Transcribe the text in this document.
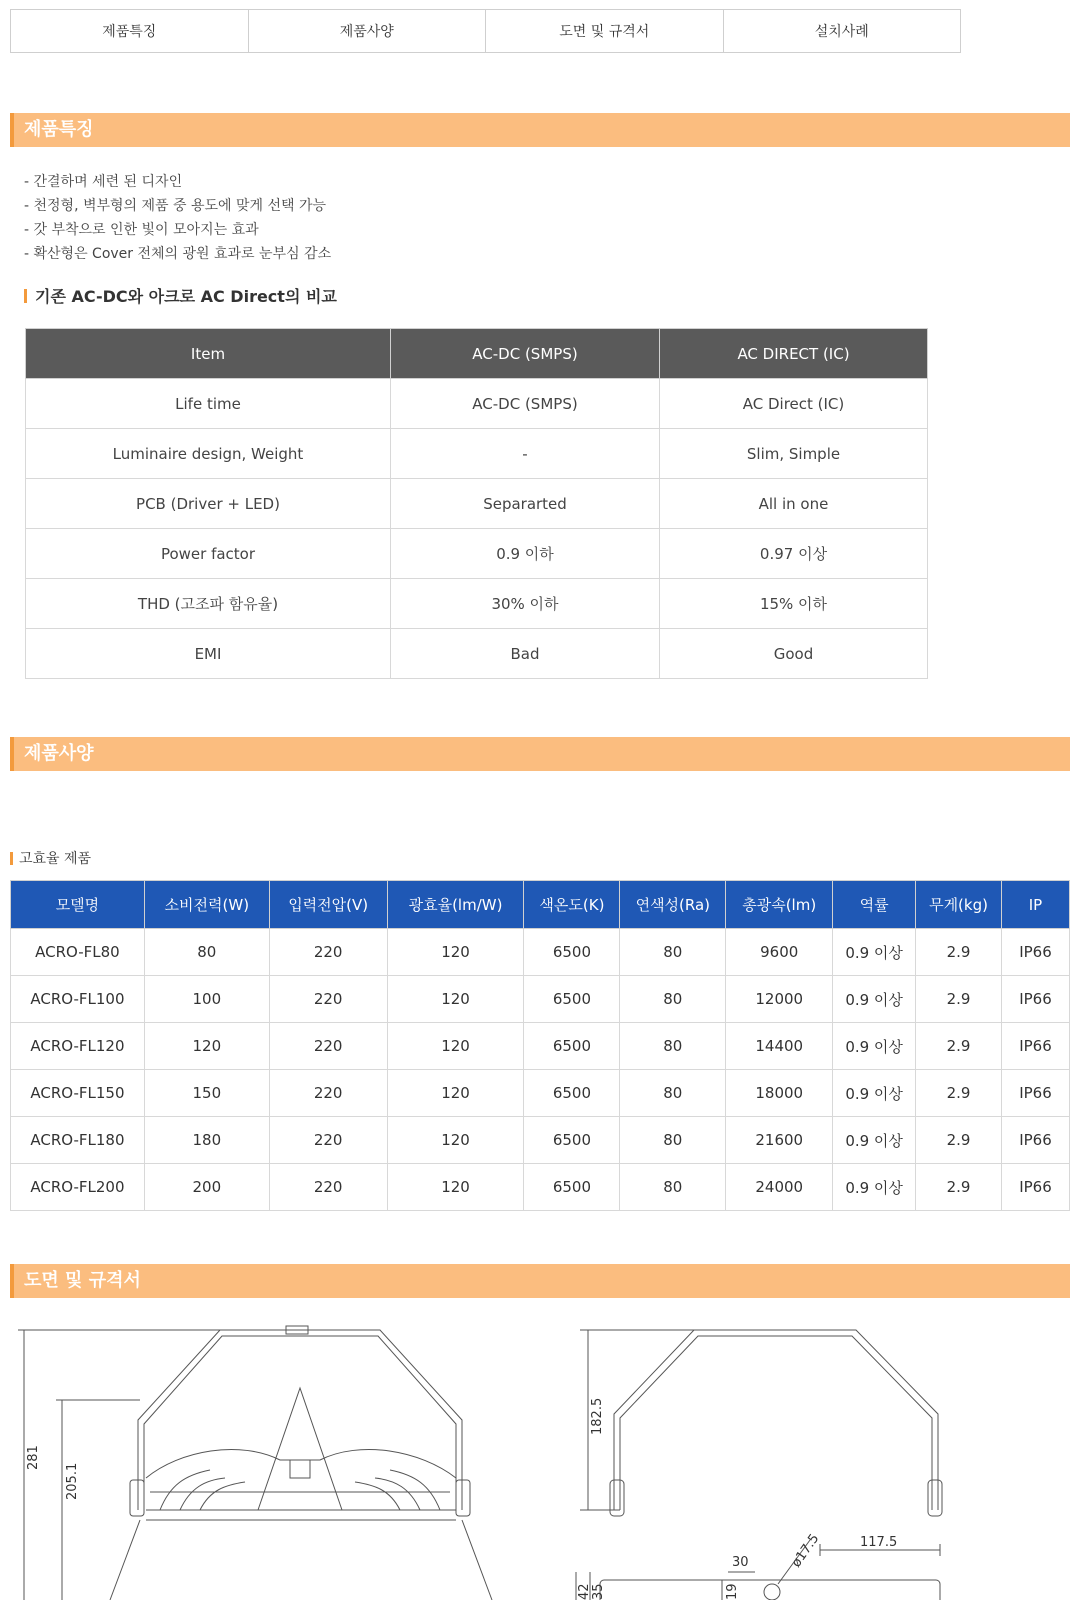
제품특징	제품사양	도면 및 규격서	설치사례
제품특징
- 간결하며 세련 된 디자인
- 천정형, 벽부형의 제품 중 용도에 맞게 선택 가능
- 갓 부착으로 인한 빛이 모아지는 효과
- 확산형은 Cover 전체의 광원 효과로 눈부심 감소
기존 AC-DC와 아크로 AC Direct의 비교
Item	AC-DC (SMPS)	AC DIRECT (IC)
Life time	AC-DC (SMPS)	AC Direct (IC)
Luminaire design, Weight	-	Slim, Simple
PCB (Driver + LED)	Separarted	All in one
Power factor	0.9 이하	0.97 이상
THD (고조파 함유율)	30% 이하	15% 이하
EMI	Bad	Good
제품사양
고효율 제품
모델명	소비전력(W)	입력전압(V)	광효율(lm/W)	색온도(K)	연색성(Ra)	총광속(lm)	역률	무게(kg)	IP
ACRO-FL80	80	220	120	6500	80	9600	0.9 이상	2.9	IP66
ACRO-FL100	100	220	120	6500	80	12000	0.9 이상	2.9	IP66
ACRO-FL120	120	220	120	6500	80	14400	0.9 이상	2.9	IP66
ACRO-FL150	150	220	120	6500	80	18000	0.9 이상	2.9	IP66
ACRO-FL180	180	220	120	6500	80	21600	0.9 이상	2.9	IP66
ACRO-FL200	200	220	120	6500	80	24000	0.9 이상	2.9	IP66
도면 및 규격서
281
205.1
182.5
117.5
ø17.5
30
35
42	19
